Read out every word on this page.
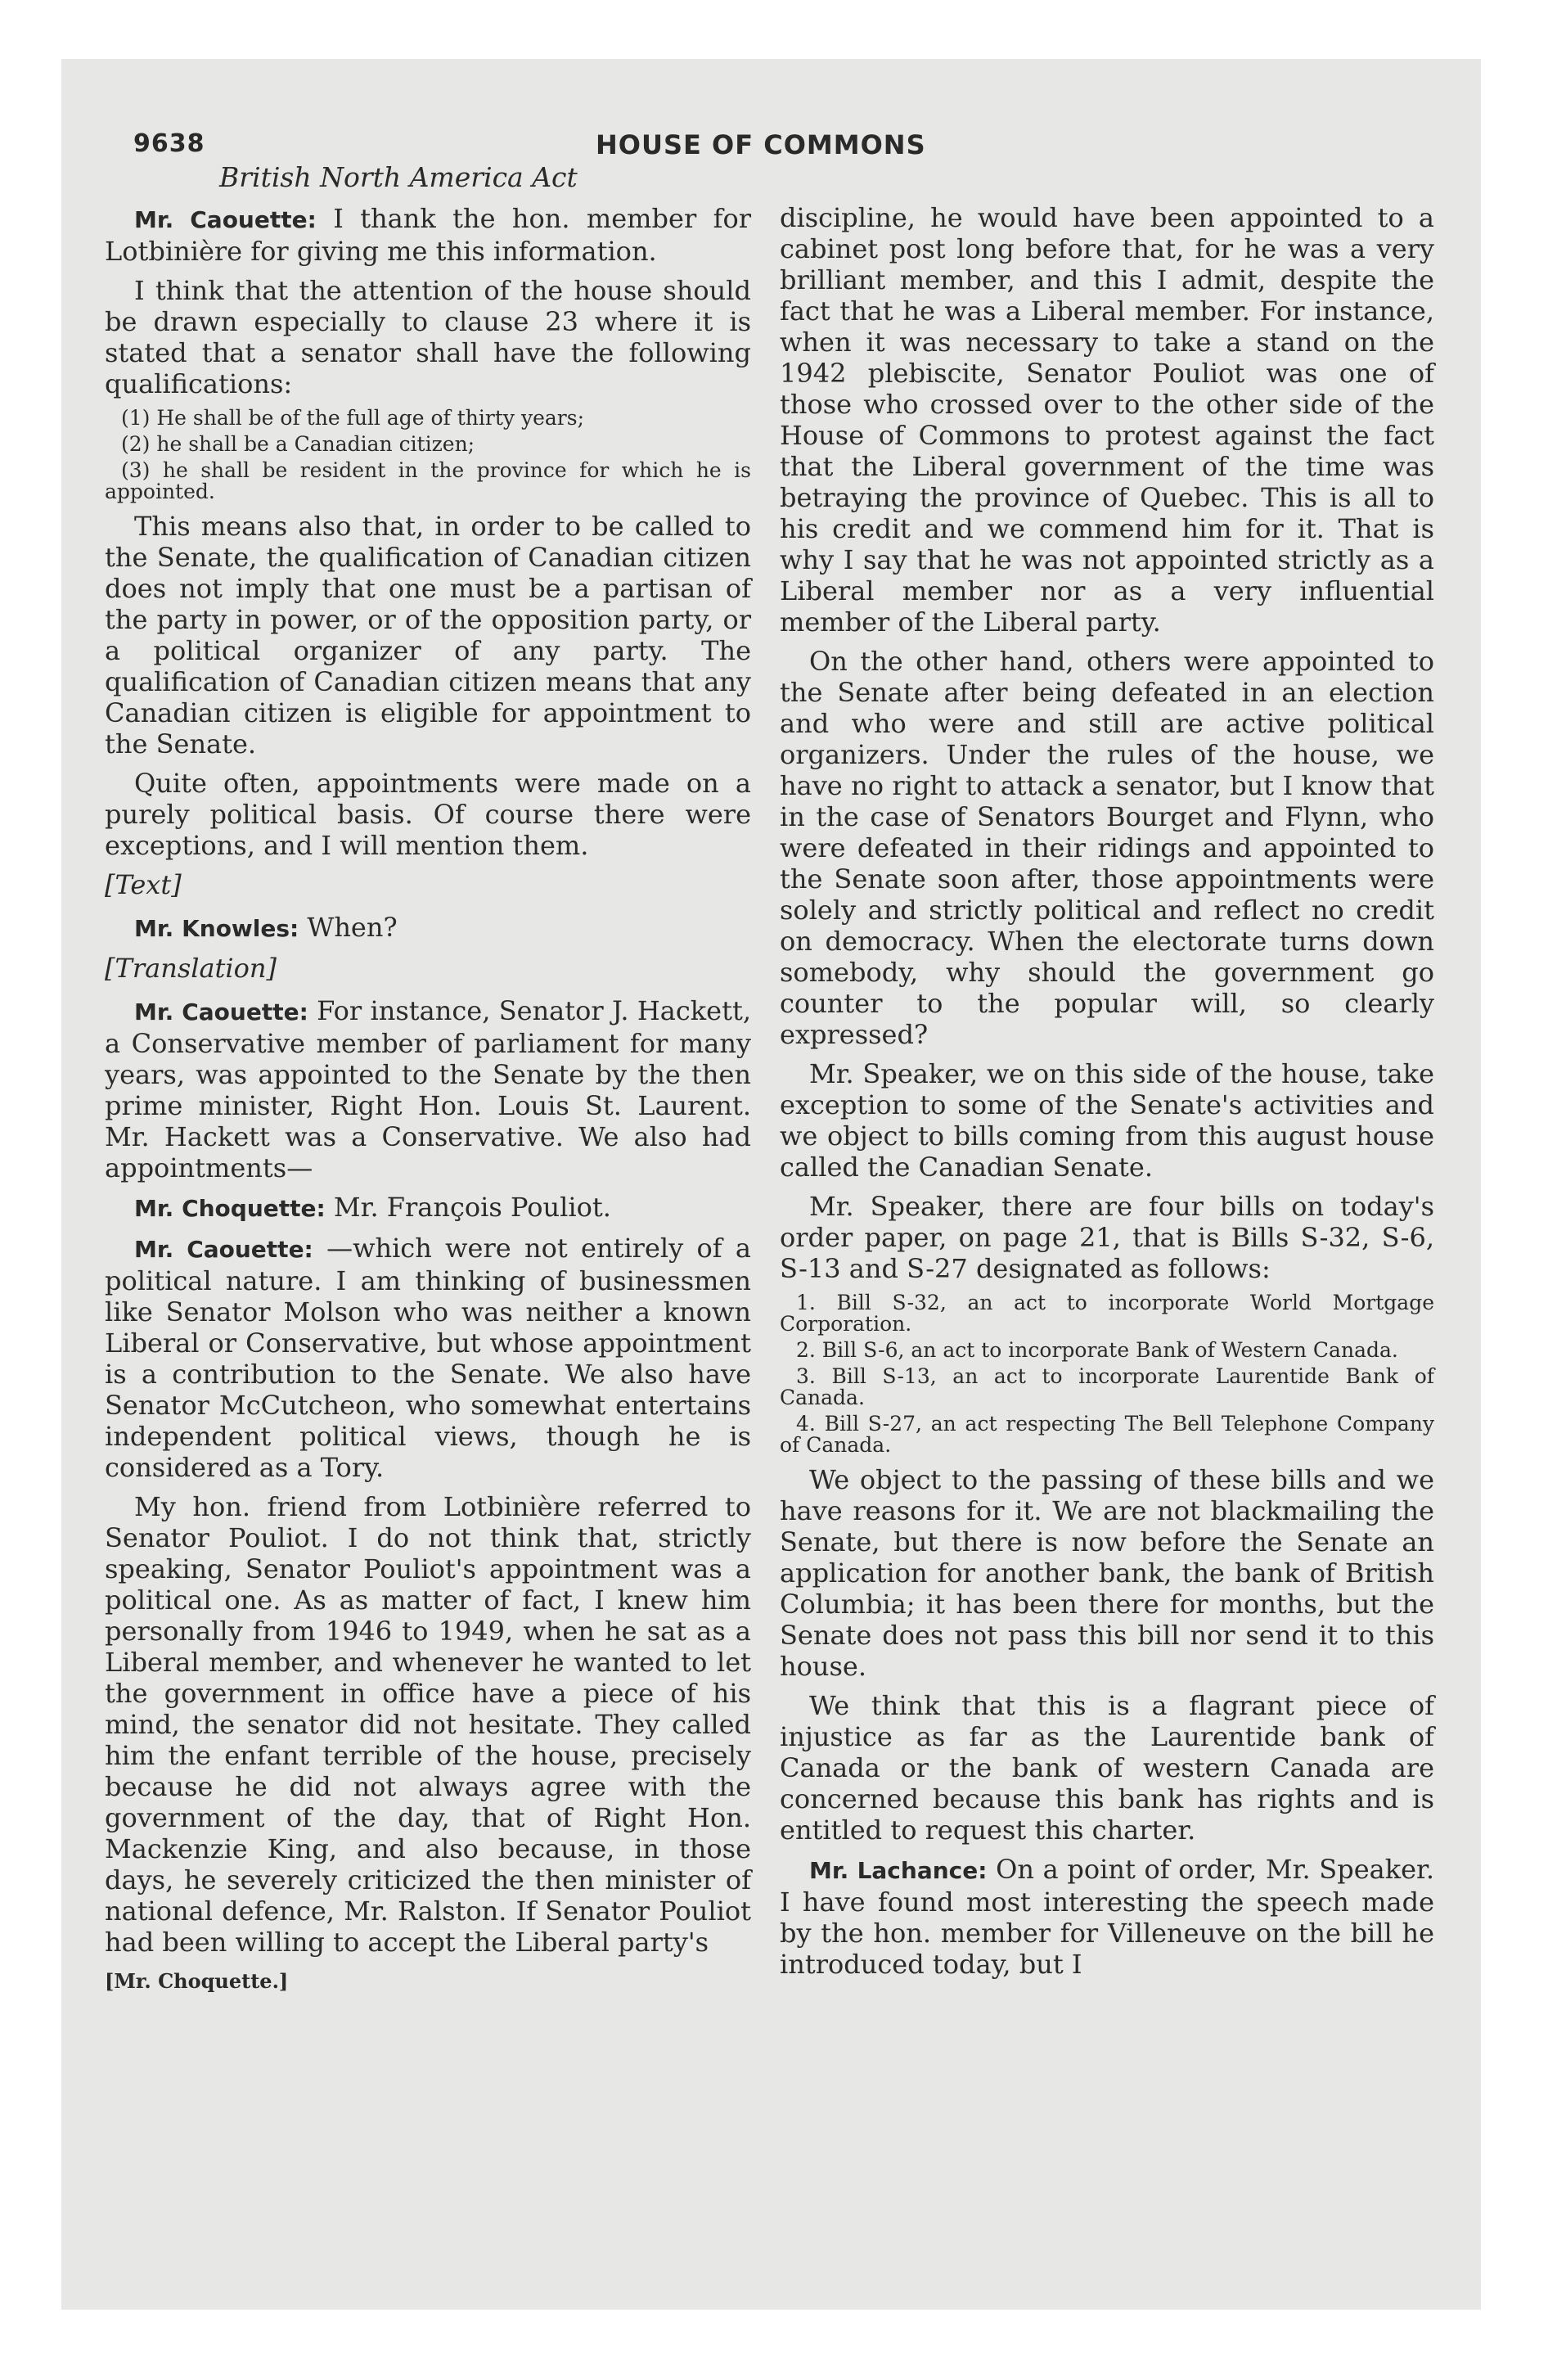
9638	HOUSE OF COMMONS
British North America Act

Mr. Caouette: I thank the hon. member for Lotbinière for giving me this information.

I think that the attention of the house should be drawn especially to clause 23 where it is stated that a senator shall have the following qualifications:

(1) He shall be of the full age of thirty years;
(2) he shall be a Canadian citizen;
(3) he shall be resident in the province for which he is appointed.

This means also that, in order to be called to the Senate, the qualification of Canadian citizen does not imply that one must be a partisan of the party in power, or of the opposition party, or a political organizer of any party. The qualification of Canadian citizen means that any Canadian citizen is eligible for appointment to the Senate.

Quite often, appointments were made on a purely political basis. Of course there were exceptions, and I will mention them.

[Text]

Mr. Knowles: When?

[Translation]

Mr. Caouette: For instance, Senator J. Hackett, a Conservative member of parliament for many years, was appointed to the Senate by the then prime minister, Right Hon. Louis St. Laurent. Mr. Hackett was a Conservative. We also had appointments—

Mr. Choquette: Mr. François Pouliot.

Mr. Caouette: —which were not entirely of a political nature. I am thinking of businessmen like Senator Molson who was neither a known Liberal or Conservative, but whose appointment is a contribution to the Senate. We also have Senator McCutcheon, who somewhat entertains independent political views, though he is considered as a Tory.

My hon. friend from Lotbinière referred to Senator Pouliot. I do not think that, strictly speaking, Senator Pouliot's appointment was a political one. As as matter of fact, I knew him personally from 1946 to 1949, when he sat as a Liberal member, and whenever he wanted to let the government in office have a piece of his mind, the senator did not hesitate. They called him the enfant terrible of the house, precisely because he did not always agree with the government of the day, that of Right Hon. Mackenzie King, and also because, in those days, he severely criticized the then minister of national defence, Mr. Ralston. If Senator Pouliot had been willing to accept the Liberal party's

[Mr. Choquette.]

discipline, he would have been appointed to a cabinet post long before that, for he was a very brilliant member, and this I admit, despite the fact that he was a Liberal member. For instance, when it was necessary to take a stand on the 1942 plebiscite, Senator Pouliot was one of those who crossed over to the other side of the House of Commons to protest against the fact that the Liberal government of the time was betraying the province of Quebec. This is all to his credit and we commend him for it. That is why I say that he was not appointed strictly as a Liberal member nor as a very influential member of the Liberal party.

On the other hand, others were appointed to the Senate after being defeated in an election and who were and still are active political organizers. Under the rules of the house, we have no right to attack a senator, but I know that in the case of Senators Bourget and Flynn, who were defeated in their ridings and appointed to the Senate soon after, those appointments were solely and strictly political and reflect no credit on democracy. When the electorate turns down somebody, why should the government go counter to the popular will, so clearly expressed?

Mr. Speaker, we on this side of the house, take exception to some of the Senate's activities and we object to bills coming from this august house called the Canadian Senate.

Mr. Speaker, there are four bills on today's order paper, on page 21, that is Bills S-32, S-6, S-13 and S-27 designated as follows:

1. Bill S-32, an act to incorporate World Mortgage Corporation.
2. Bill S-6, an act to incorporate Bank of Western Canada.
3. Bill S-13, an act to incorporate Laurentide Bank of Canada.
4. Bill S-27, an act respecting The Bell Telephone Company of Canada.

We object to the passing of these bills and we have reasons for it. We are not blackmailing the Senate, but there is now before the Senate an application for another bank, the bank of British Columbia; it has been there for months, but the Senate does not pass this bill nor send it to this house.

We think that this is a flagrant piece of injustice as far as the Laurentide bank of Canada or the bank of western Canada are concerned because this bank has rights and is entitled to request this charter.

Mr. Lachance: On a point of order, Mr. Speaker. I have found most interesting the speech made by the hon. member for Villeneuve on the bill he introduced today, but I
